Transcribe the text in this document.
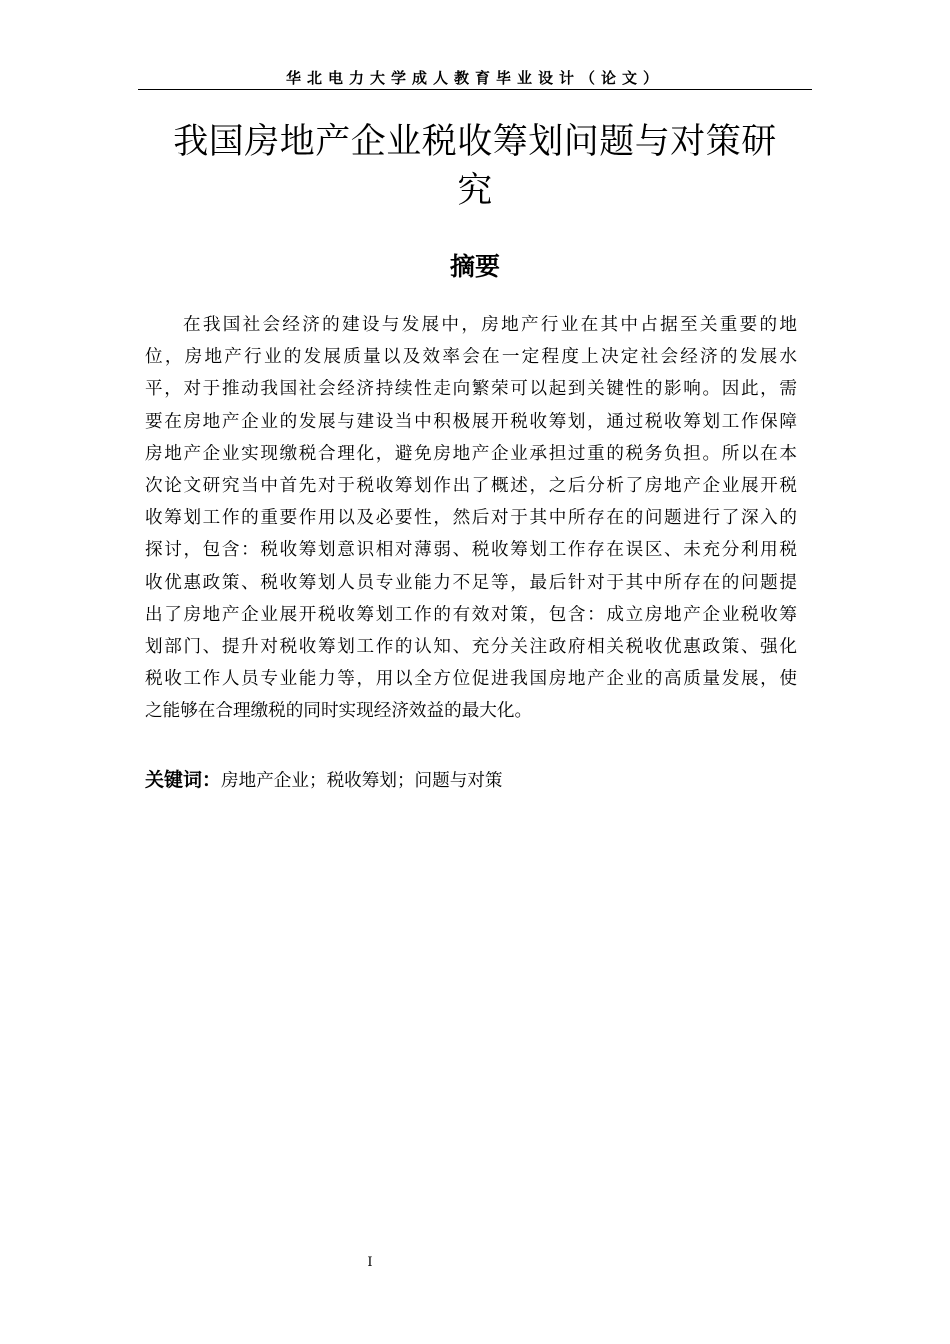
华北电力大学成人教育毕业设计（论文）
我国房地产企业税收筹划问题与对策研
究
摘要
在我国社会经济的建设与发展中，房地产行业在其中占据至关重要的地
位，房地产行业的发展质量以及效率会在一定程度上决定社会经济的发展水
平，对于推动我国社会经济持续性走向繁荣可以起到关键性的影响。因此，需
要在房地产企业的发展与建设当中积极展开税收筹划，通过税收筹划工作保障
房地产企业实现缴税合理化，避免房地产企业承担过重的税务负担。所以在本
次论文研究当中首先对于税收筹划作出了概述，之后分析了房地产企业展开税
收筹划工作的重要作用以及必要性，然后对于其中所存在的问题进行了深入的
探讨，包含：税收筹划意识相对薄弱、税收筹划工作存在误区、未充分利用税
收优惠政策、税收筹划人员专业能力不足等，最后针对于其中所存在的问题提
出了房地产企业展开税收筹划工作的有效对策，包含：成立房地产企业税收筹
划部门、提升对税收筹划工作的认知、充分关注政府相关税收优惠政策、强化
税收工作人员专业能力等，用以全方位促进我国房地产企业的高质量发展，使
之能够在合理缴税的同时实现经济效益的最大化。
关键词：房地产企业；税收筹划；问题与对策
I
